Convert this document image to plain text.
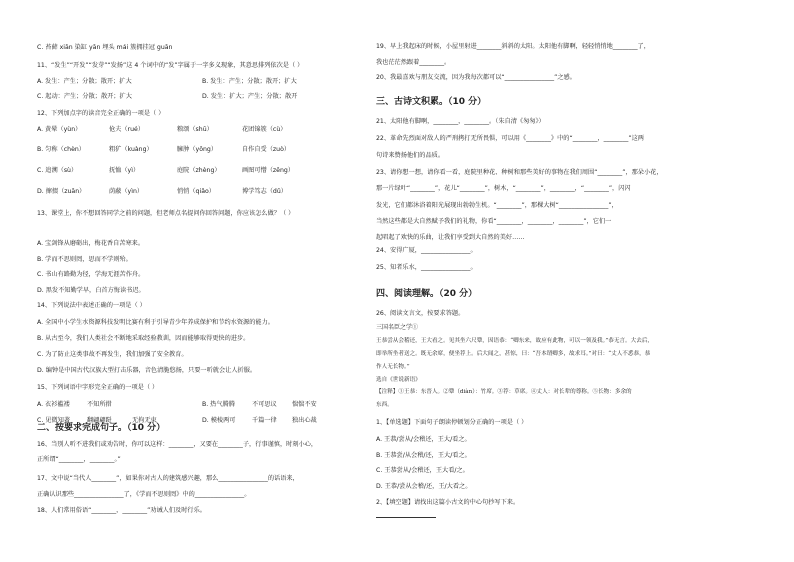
C. 苔藓 xiān 染缸 yān 埋头 mái 簇拥挂冠 guān
11、“发生”“开发”“发芽”“发扬”这 4 个词中的“发”字属于一字多义现象，其意思排列依次是（ ）
A. 发生：产生；分散；散开；扩大	B. 发生：产生；分散；散开；扩大
C. 起动：产生；分散；散开；扩大	D. 发生：扩大；产生；分散；散开
12、下列加点字的读音完全正确的一项是（ ）
A. 黄晕（yùn）	伧夫（rué）	粮颂（shū）	花团锦簇（cù）
B. 匀称（chèn）	粗犷（kuàng）	臃肿（yōng）	自作自受（zuò）
C. 追溯（sù）	抚恤（yì）	庭院（zhèng）	画图可憎（zēng）
D. 撺掇（zuān）	荫蔽（yìn）	悄悄（qiǎo）	博学笃志（dǔ）
13、课堂上，你不想回答同学之前的问题，但老师点名提问你回答问题，你应该怎么做？（ ）
A. 宝剑锋从磨砺出，梅花香自苦寒来。
B. 学而不思则罔，思而不学则殆。
C. 书山有路勤为径，学海无涯苦作舟。
D. 黑发不知勤学早，白首方悔读书迟。
14、下列说法中表述正确的一项是（ ）
A. 全国中小学生水资源科技发明比赛有利于引导青少年养成保护和节约水资源的能力。
B. 从古至今，我们人类社会不断地采取经验教训，因而能够取得更快的进步。
C. 为了防止这类事故不再发生，我们加强了安全教育。
D. 编钟是中国古代汉族大型打击乐器，音色清脆悠扬，只要一听就会让人折服。
15、下列词语中字形完全正确的一项是（ ）
A. 衣衫褴褛	不知所措	B. 热气腾腾	不可思议 惴惴不安
C. 见微知著	翻翩翩跹	无拘无束	D. 模棱两可	千篇一律 独出心裁
二、按要求完成句子。（10 分）
16、当别人听不进我们或劝告时，你可以这样：________，又要在________子，行事谨慎，时刻小心，
正所谓“________，________。”
17、文中说“当代人________”，如果你对古人的建筑感兴趣，那么________________的话语来，
正确认识那些________________了，《学而不思则罔》中的________________。
18、人们常用俗语“________，________”劝诫人们及时行乐。
19、早上我起床的时候，小屋里射进________斜斜的太阳。太阳他有脚啊，轻轻悄悄地________了，
我也茫茫然跟着________。
20、我最喜欢与朋友交流，因为我每次都可以“________________”之感。
三、古诗文积累。（10 分）
21、太阳他有脚啊，________，________。（朱自清《匆匆》）
22、革命先烈面对敌人的严刑拷打无所畏惧，可以用《________》中的“________，________”这两
句诗来赞扬他们的品质。
23、请你想一想，请你看一看，庭院里种花、种树和那些美好的事物在我们周围“________”，那朵小花，
那一片绿叶“________”，花儿“________”，树木，“________”，________，“________”，闪闪
发光，它们都沐浴着阳光展现出勃勃生机。“________”，那棵大树“________________”，
当然这些都是大自然赋予我们的礼物，你看“________，________，________”，它们一
起唱起了欢快的乐曲，让我们享受到大自然的美好……
24、安得广厦，________________。
25、知者乐水，________________。
四、阅读理解。（20 分）
26、阅读文言文，按要求答题。
三国名臣之学①
王恭尝从会稽还，王大看之。见其坐六尺簟，因语恭：“卿东来，故应有此物，可以一领及我。”恭无言。大去后，
即举所坐者送之。既无余席，便坐荐上。后大闻之，甚惊，曰：“吾本谓卿多，故求耳。”对曰：“丈人不悉恭，恭
作人无长物。”
选自《世说新语》
【注释】①王恭：东晋人。②簟（diàn）：竹席。③荐：草席。④丈人：对长辈的尊称。⑤长物：多余的
东西。
1、【单选题】下面句子朗读停顿划分正确的一项是（ ）
A. 王恭/尝从/会稽还，王大/看之。
B. 王恭尝/从会稽/还，王大/看之。
C. 王恭尝从/会稽还，王大看/之。
D. 王恭/尝从会稽/还，王/大看之。
2、【填空题】请找出这篇小古文的中心句抄写下来。
